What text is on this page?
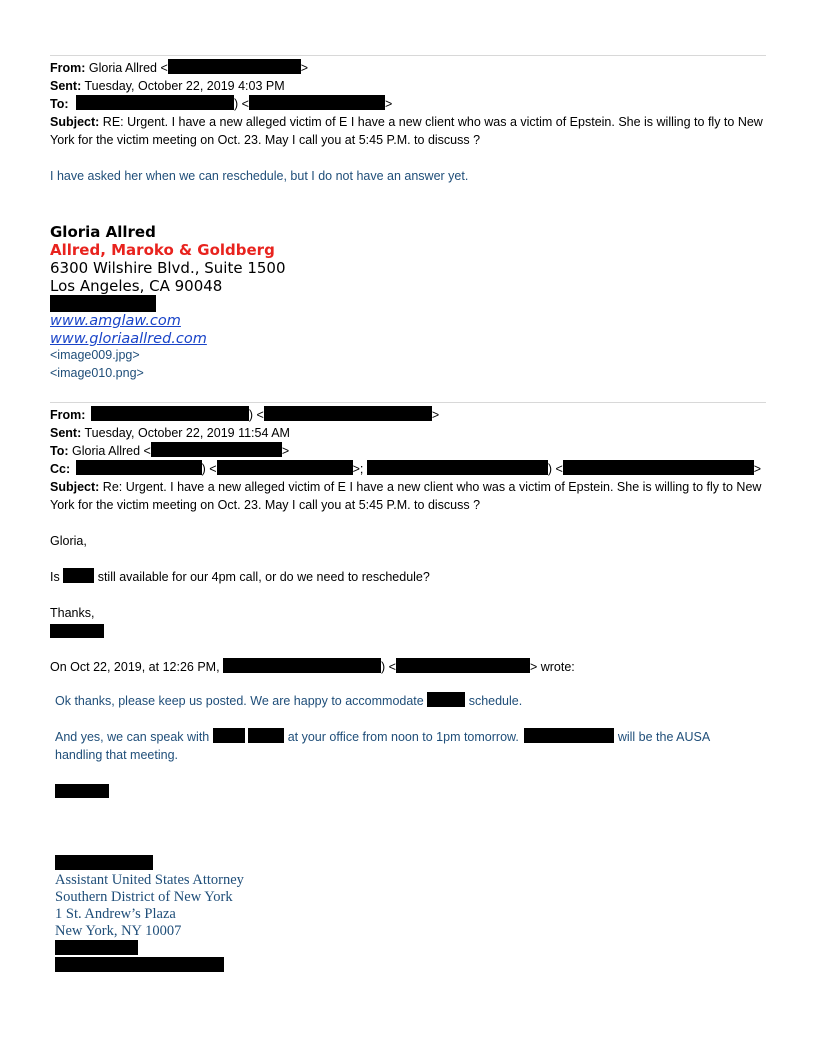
From: Gloria Allred <	>
Sent: Tuesday, October 22, 2019 4:03 PM
To:	) <	>
Subject: RE: Urgent. I have a new alleged victim of E I have a new client who was a victim of Epstein. She is willing to fly to New York for the victim meeting on Oct. 23. May I call you at 5:45 P.M. to discuss ?
I have asked her when we can reschedule, but I do not have an answer yet.
Gloria Allred
Allred, Maroko & Goldberg
6300 Wilshire Blvd., Suite 1500
Los Angeles, CA 90048
www.amglaw.com
www.gloriaallred.com
<image009.jpg>
<image010.png>
From:	) <	>
Sent: Tuesday, October 22, 2019 11:54 AM
To: Gloria Allred <	>
Cc:	) <	>;	) <	>
Subject: Re: Urgent. I have a new alleged victim of E I have a new client who was a victim of Epstein. She is willing to fly to New York for the victim meeting on Oct. 23. May I call you at 5:45 P.M. to discuss ?
Gloria,
Is	still available for our 4pm call, or do we need to reschedule?
Thanks,
On Oct 22, 2019, at 12:26 PM,	) <	> wrote:
Ok thanks, please keep us posted. We are happy to accommodate	schedule.
And yes, we can speak with	at your office from noon to 1pm tomorrow.	will be the AUSA
handling that meeting.
Assistant United States Attorney
Southern District of New York
1 St. Andrew’s Plaza
New York, NY 10007
